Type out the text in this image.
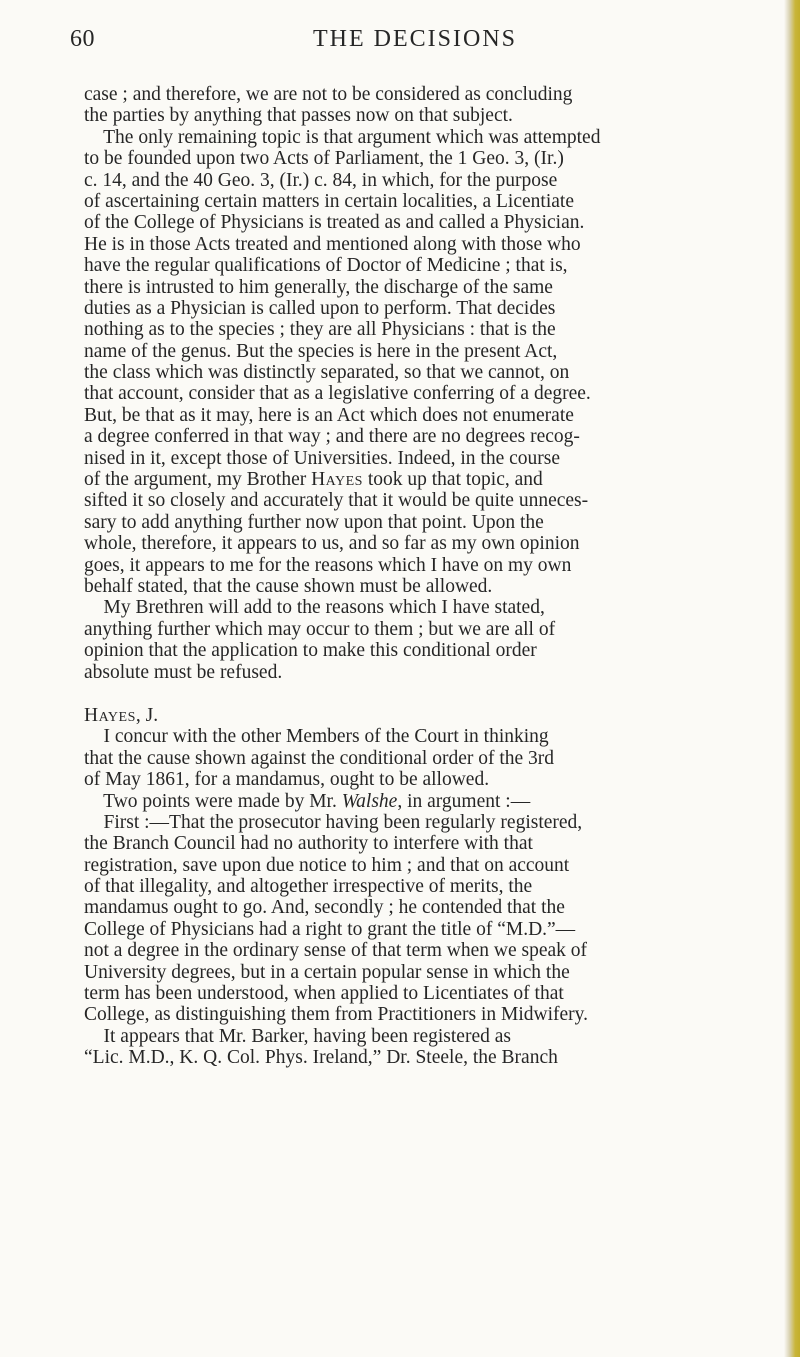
60	THE DECISIONS
case ; and therefore, we are not to be considered as concluding
the parties by anything that passes now on that subject.
The only remaining topic is that argument which was attempted
to be founded upon two Acts of Parliament, the 1 Geo. 3, (Ir.)
c. 14, and the 40 Geo. 3, (Ir.) c. 84, in which, for the purpose
of ascertaining certain matters in certain localities, a Licentiate
of the College of Physicians is treated as and called a Physician.
He is in those Acts treated and mentioned along with those who
have the regular qualifications of Doctor of Medicine ; that is,
there is intrusted to him generally, the discharge of the same
duties as a Physician is called upon to perform. That decides
nothing as to the species ; they are all Physicians : that is the
name of the genus. But the species is here in the present Act,
the class which was distinctly separated, so that we cannot, on
that account, consider that as a legislative conferring of a degree.
But, be that as it may, here is an Act which does not enumerate
a degree conferred in that way ; and there are no degrees recog-
nised in it, except those of Universities. Indeed, in the course
of the argument, my Brother Hayes took up that topic, and
sifted it so closely and accurately that it would be quite unneces-
sary to add anything further now upon that point. Upon the
whole, therefore, it appears to us, and so far as my own opinion
goes, it appears to me for the reasons which I have on my own
behalf stated, that the cause shown must be allowed.
My Brethren will add to the reasons which I have stated,
anything further which may occur to them ; but we are all of
opinion that the application to make this conditional order
absolute must be refused.
Hayes, J.
I concur with the other Members of the Court in thinking
that the cause shown against the conditional order of the 3rd
of May 1861, for a mandamus, ought to be allowed.
Two points were made by Mr. Walshe, in argument :—
First :—That the prosecutor having been regularly registered,
the Branch Council had no authority to interfere with that
registration, save upon due notice to him ; and that on account
of that illegality, and altogether irrespective of merits, the
mandamus ought to go. And, secondly ; he contended that the
College of Physicians had a right to grant the title of “M.D.”—
not a degree in the ordinary sense of that term when we speak of
University degrees, but in a certain popular sense in which the
term has been understood, when applied to Licentiates of that
College, as distinguishing them from Practitioners in Midwifery.
It appears that Mr. Barker, having been registered as
“Lic. M.D., K. Q. Col. Phys. Ireland,” Dr. Steele, the Branch
